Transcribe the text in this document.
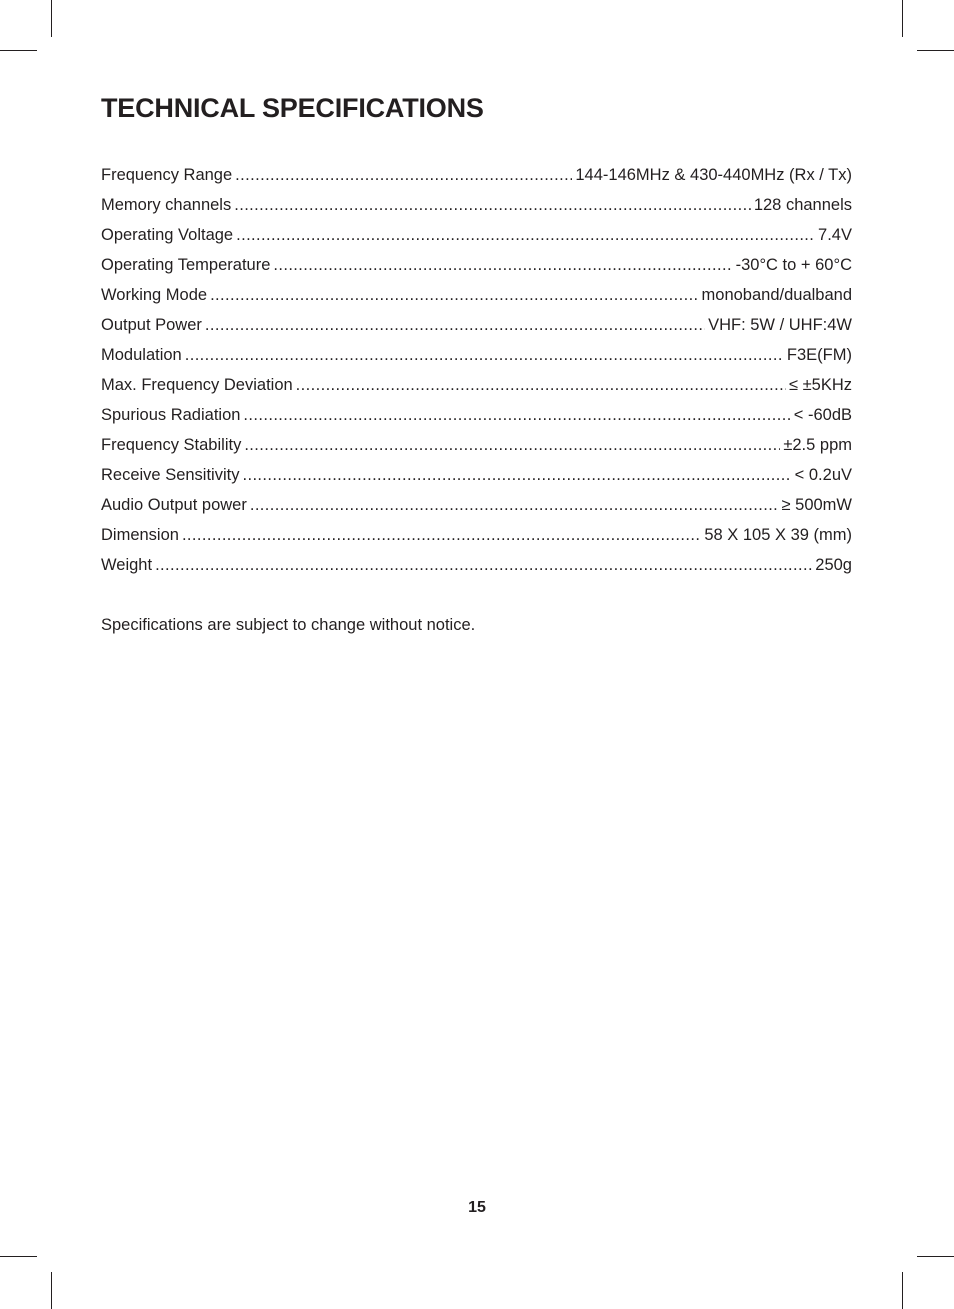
TECHNICAL SPECIFICATIONS
Frequency Range .....	144-146MHz & 430-440MHz (Rx / Tx)
Memory channels .....	128 channels
Operating Voltage .....	7.4V
Operating Temperature .....	-30°C to + 60°C
Working Mode .....	monoband/dualband
Output Power .....	VHF: 5W / UHF:4W
Modulation .....	F3E(FM)
Max. Frequency Deviation .....	≤ ±5KHz
Spurious Radiation .....	< -60dB
Frequency Stability .....	±2.5 ppm
Receive Sensitivity .....	< 0.2uV
Audio Output power .....	≥ 500mW
Dimension .....	58 X 105 X 39 (mm)
Weight .....	250g

Specifications are subject to change without notice.

15
